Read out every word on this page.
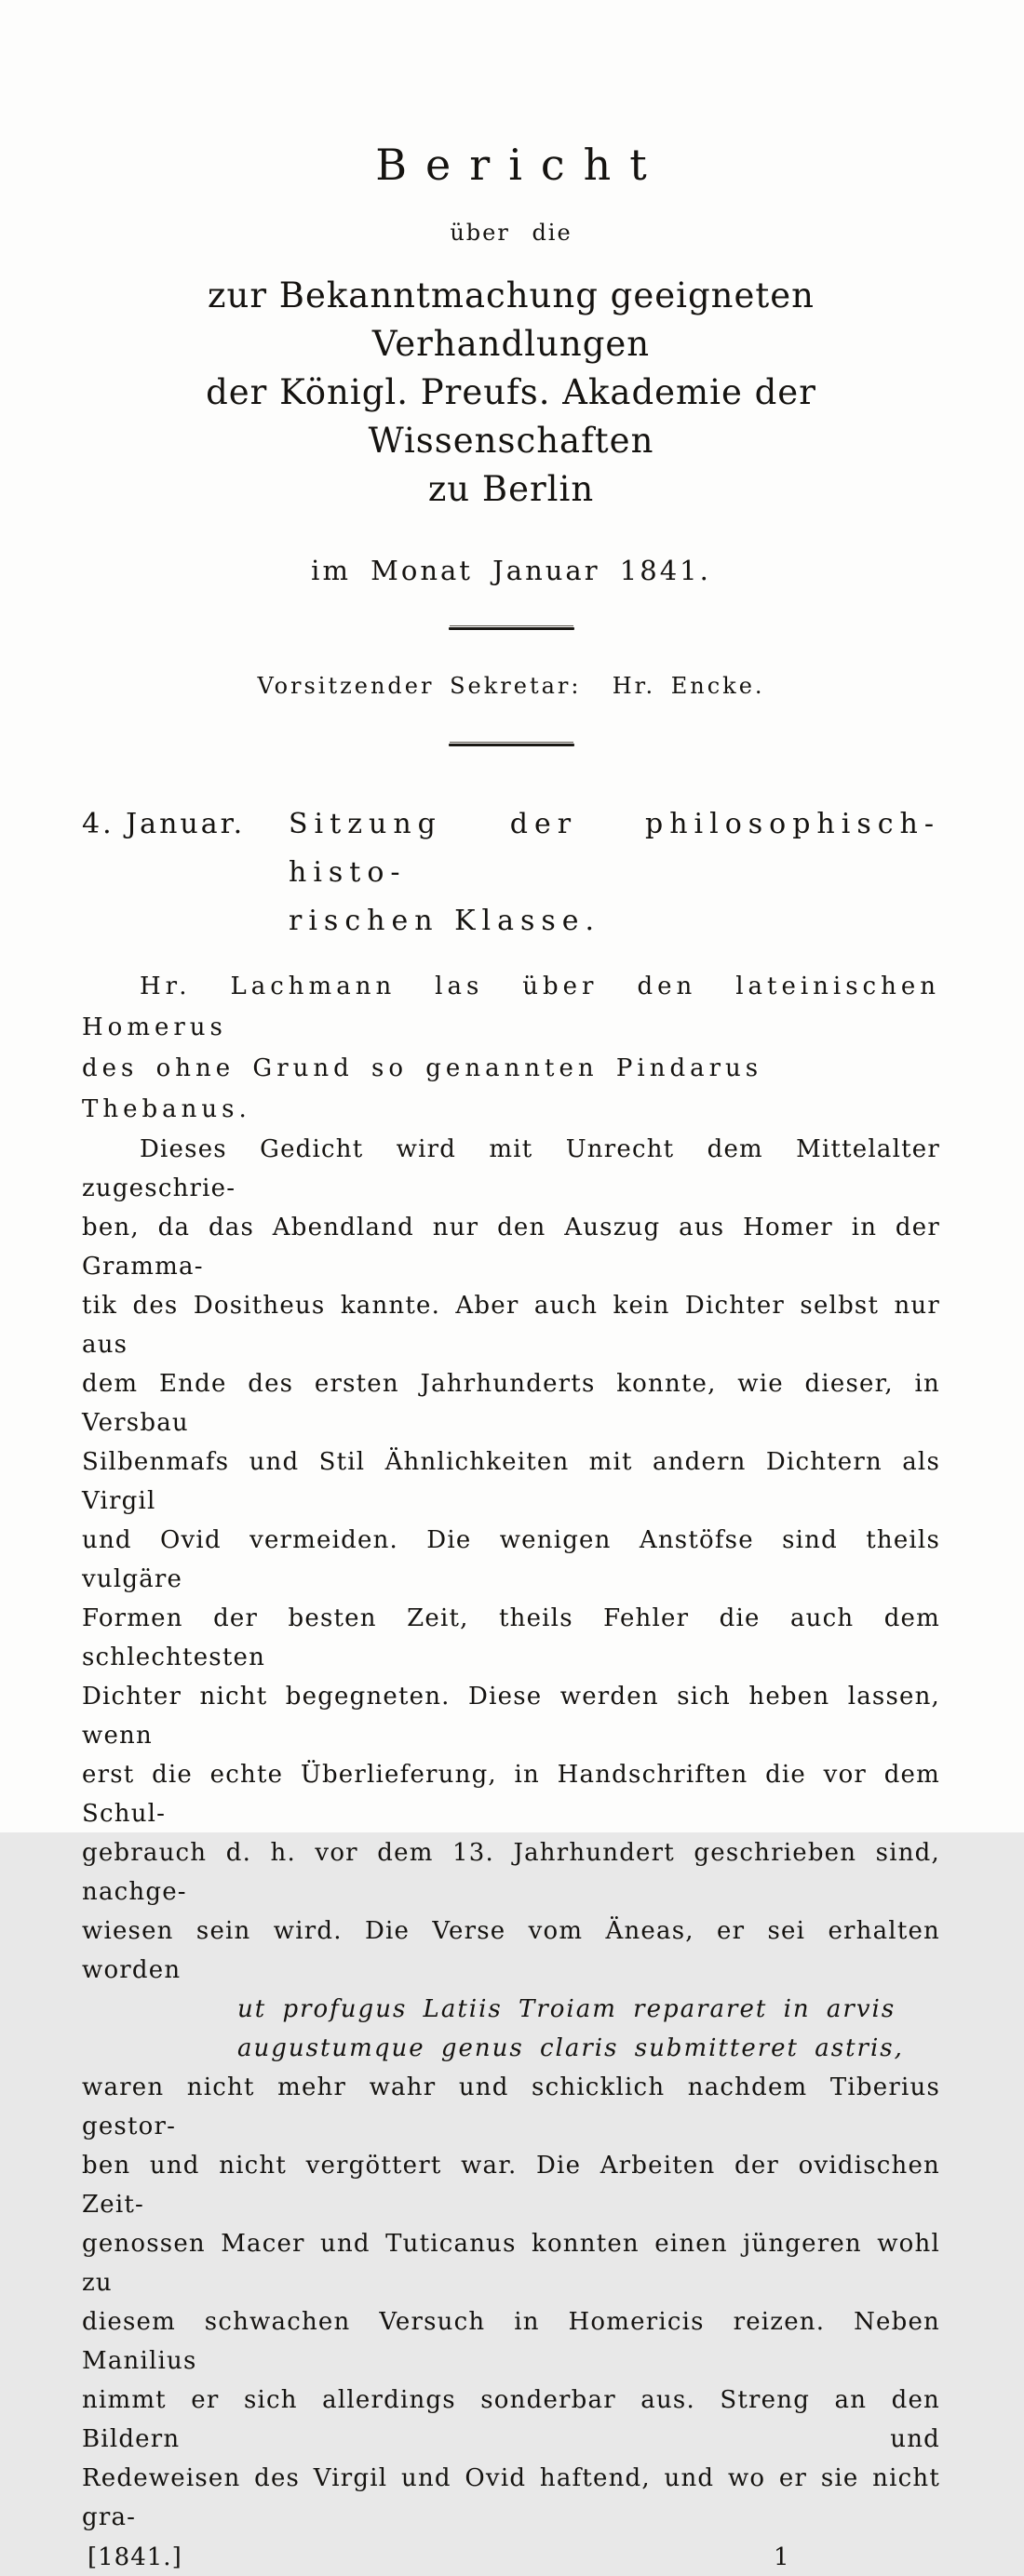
Bericht
über die
zur Bekanntmachung geeigneten Verhandlungen
der Königl. Preufs. Akademie der Wissenschaften
zu Berlin
im Monat Januar 1841.
Vorsitzender Sekretar:  Hr. Encke.
4. Januar.	Sitzung der philosophisch-histo-
rischen Klasse.
Hr. Lachmann las über den lateinischen Homerus
des ohne Grund so genannten Pindarus Thebanus.
Dieses Gedicht wird mit Unrecht dem Mittelalter zugeschrie-
ben, da das Abendland nur den Auszug aus Homer in der Gramma-
tik des Dositheus kannte. Aber auch kein Dichter selbst nur aus
dem Ende des ersten Jahrhunderts konnte, wie dieser, in Versbau
Silbenmafs und Stil Ähnlichkeiten mit andern Dichtern als Virgil
und Ovid vermeiden. Die wenigen Anstöfse sind theils vulgäre
Formen der besten Zeit, theils Fehler die auch dem schlechtesten
Dichter nicht begegneten. Diese werden sich heben lassen, wenn
erst die echte Überlieferung, in Handschriften die vor dem Schul-
gebrauch d. h. vor dem 13. Jahrhundert geschrieben sind, nachge-
wiesen sein wird. Die Verse vom Äneas, er sei erhalten worden
ut profugus Latiis Troiam repararet in arvis
augustumque genus claris submitteret astris,
waren nicht mehr wahr und schicklich nachdem Tiberius gestor-
ben und nicht vergöttert war. Die Arbeiten der ovidischen Zeit-
genossen Macer und Tuticanus konnten einen jüngeren wohl zu
diesem schwachen Versuch in Homericis reizen. Neben Manilius
nimmt er sich allerdings sonderbar aus. Streng an den Bildern und
Redeweisen des Virgil und Ovid haftend, und wo er sie nicht gra-
[1841.]	1
